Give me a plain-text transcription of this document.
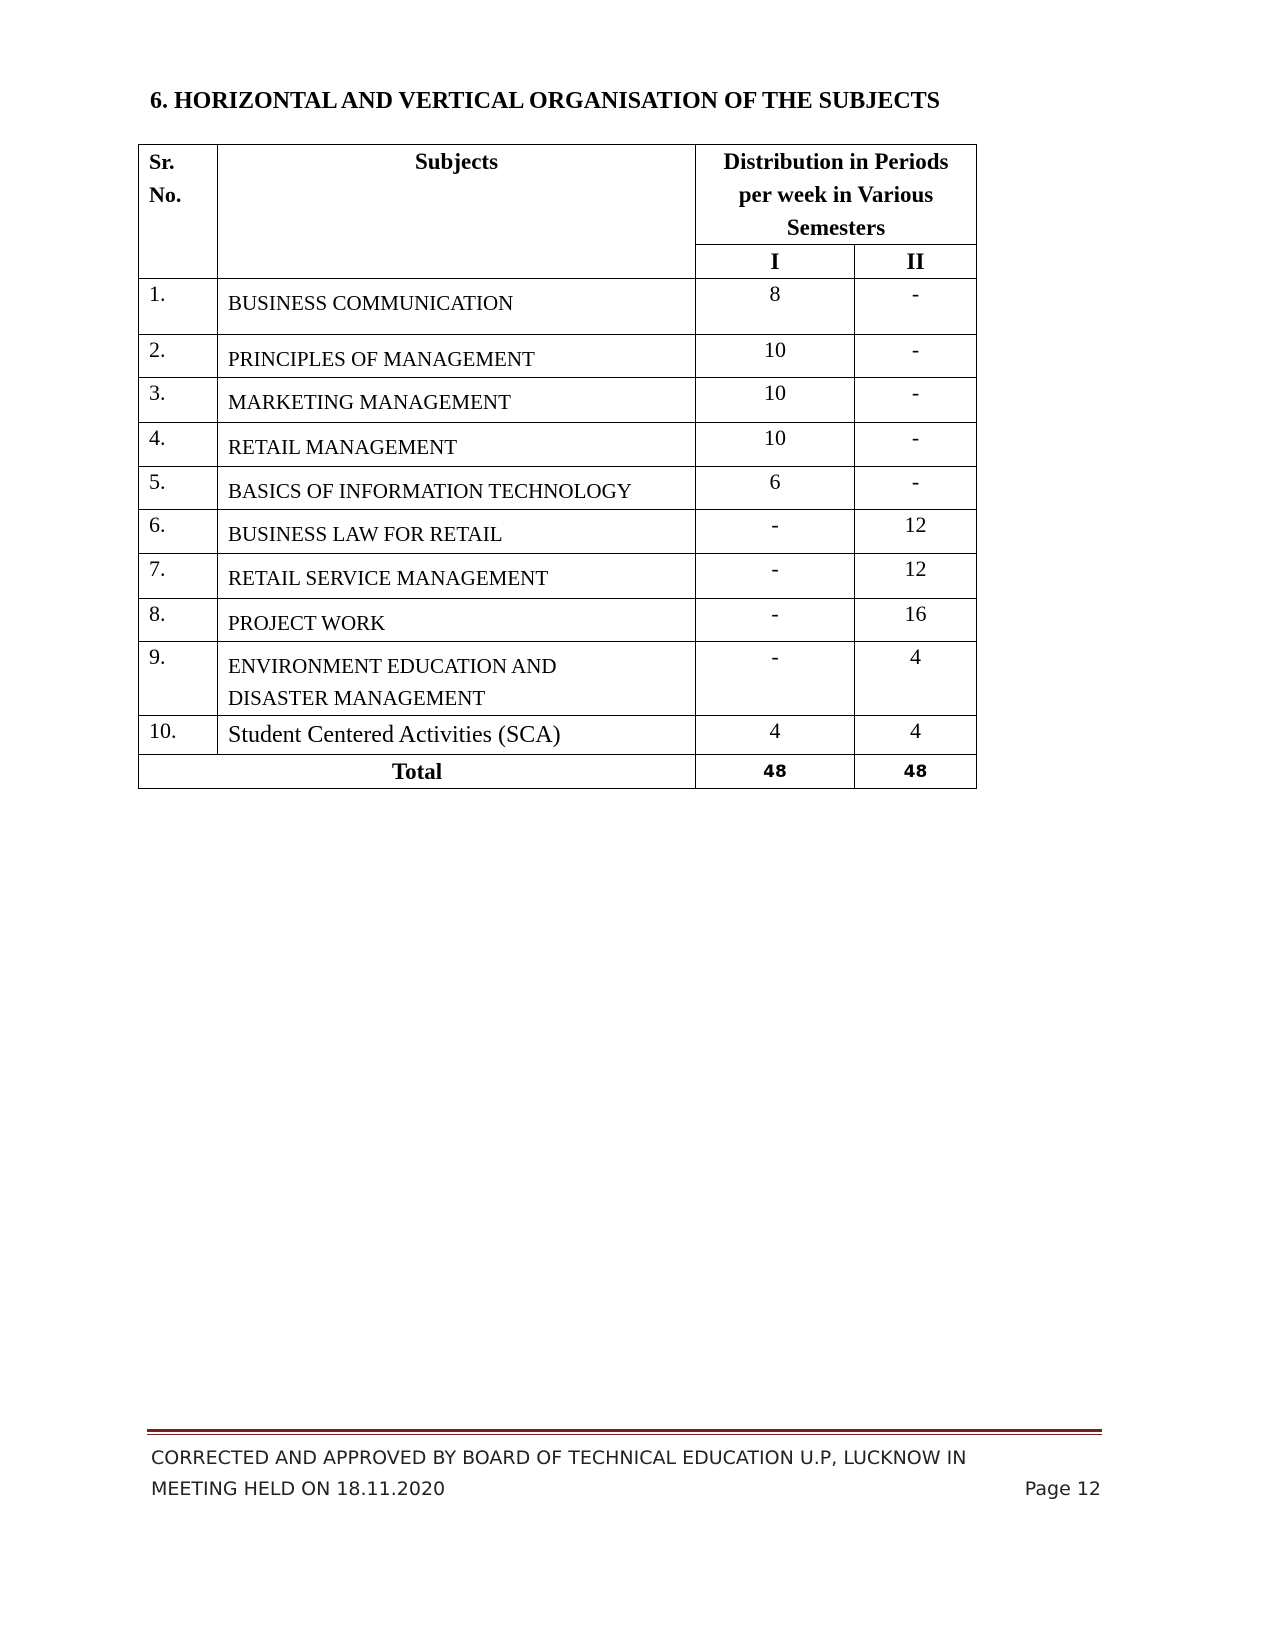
6. HORIZONTAL AND VERTICAL ORGANISATION OF THE SUBJECTS
Sr.
No.	Subjects	Distribution in Periods
per week in Various
Semesters	
		I	II
1.	BUSINESS COMMUNICATION	8	-
2.	PRINCIPLES OF MANAGEMENT	10	-
3.	MARKETING MANAGEMENT	10	-
4.	RETAIL MANAGEMENT	10	-
5.	BASICS OF INFORMATION TECHNOLOGY	6	-
6.	BUSINESS LAW FOR RETAIL	-	12
7.	RETAIL SERVICE MANAGEMENT	-	12
8.	PROJECT WORK	-	16
9.	ENVIRONMENT EDUCATION AND
DISASTER MANAGEMENT	-	4
10.	Student Centered Activities (SCA)	4	4
Total		48	48
CORRECTED AND APPROVED BY BOARD OF TECHNICAL EDUCATION U.P, LUCKNOW IN
MEETING HELD ON 18.11.2020	Page 12
